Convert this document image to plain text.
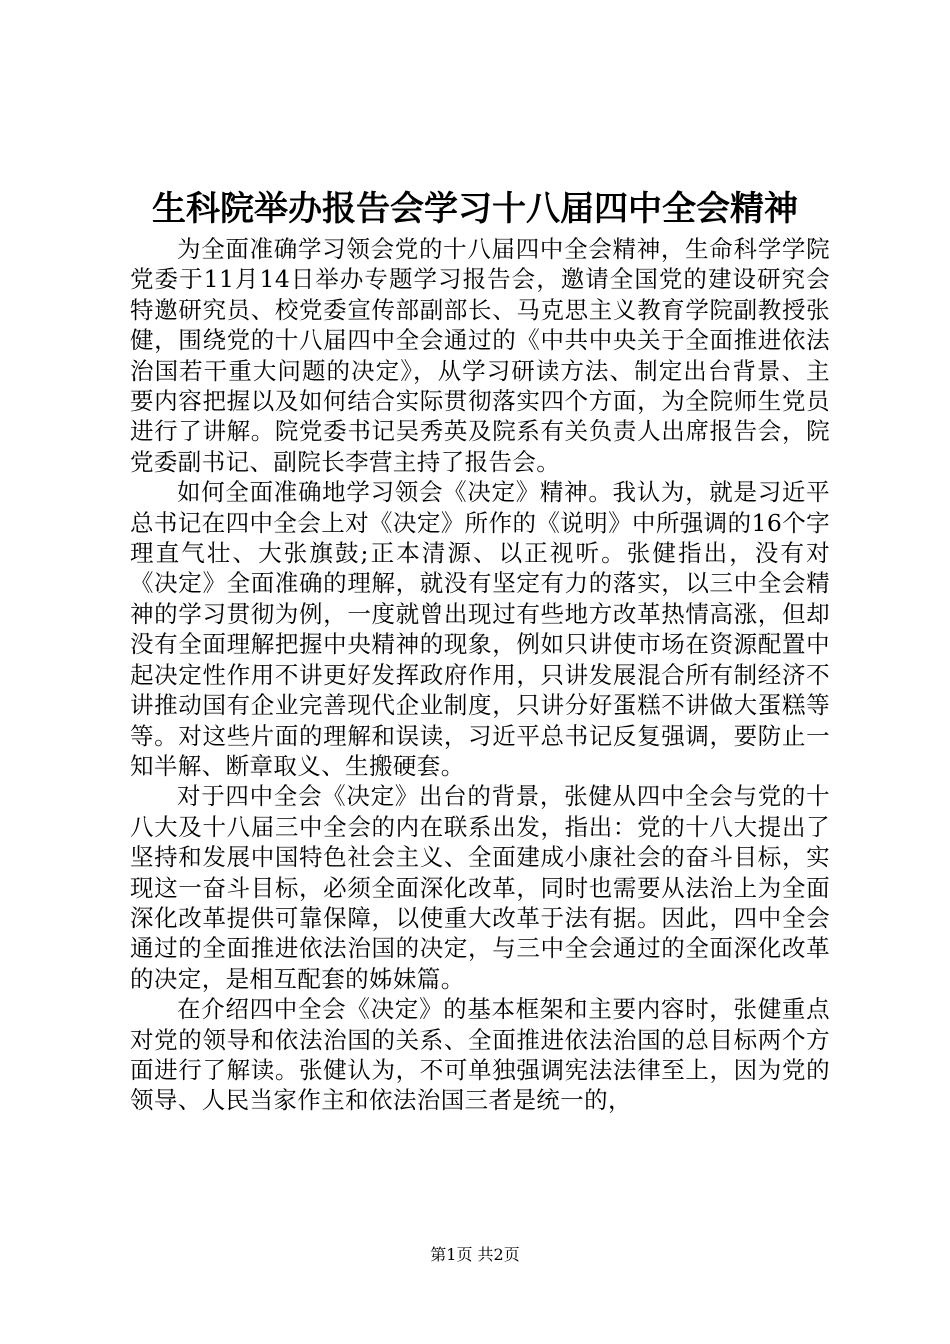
生科院举办报告会学习十八届四中全会精神

为全面准确学习领会党的十八届四中全会精神，生命科学学院党委于11月14日举办专题学习报告会，邀请全国党的建设研究会特邀研究员、校党委宣传部副部长、马克思主义教育学院副教授张健，围绕党的十八届四中全会通过的《中共中央关于全面推进依法治国若干重大问题的决定》，从学习研读方法、制定出台背景、主要内容把握以及如何结合实际贯彻落实四个方面，为全院师生党员进行了讲解。院党委书记吴秀英及院系有关负责人出席报告会，院党委副书记、副院长李营主持了报告会。

如何全面准确地学习领会《决定》精神。我认为，就是习近平总书记在四中全会上对《决定》所作的《说明》中所强调的16个字理直气壮、大张旗鼓;正本清源、以正视听。张健指出，没有对《决定》全面准确的理解，就没有坚定有力的落实，以三中全会精神的学习贯彻为例，一度就曾出现过有些地方改革热情高涨，但却没有全面理解把握中央精神的现象，例如只讲使市场在资源配置中起决定性作用不讲更好发挥政府作用，只讲发展混合所有制经济不讲推动国有企业完善现代企业制度，只讲分好蛋糕不讲做大蛋糕等等。对这些片面的理解和误读，习近平总书记反复强调，要防止一知半解、断章取义、生搬硬套。

对于四中全会《决定》出台的背景，张健从四中全会与党的十八大及十八届三中全会的内在联系出发，指出：党的十八大提出了坚持和发展中国特色社会主义、全面建成小康社会的奋斗目标，实现这一奋斗目标，必须全面深化改革，同时也需要从法治上为全面深化改革提供可靠保障，以使重大改革于法有据。因此，四中全会通过的全面推进依法治国的决定，与三中全会通过的全面深化改革的决定，是相互配套的姊妹篇。

在介绍四中全会《决定》的基本框架和主要内容时，张健重点对党的领导和依法治国的关系、全面推进依法治国的总目标两个方面进行了解读。张健认为，不可单独强调宪法法律至上，因为党的领导、人民当家作主和依法治国三者是统一的，

第1页 共2页
